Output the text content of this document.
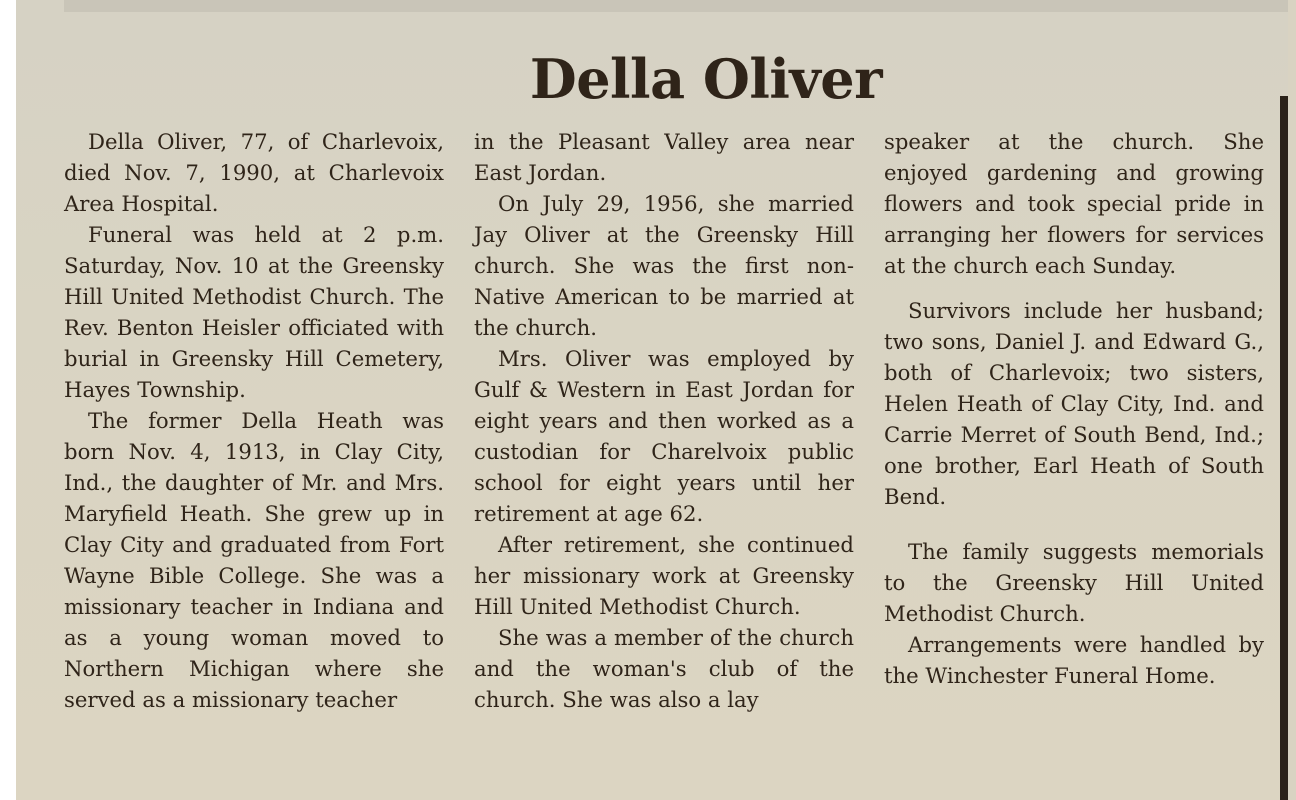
Della Oliver

Della Oliver, 77, of Charlevoix, died Nov. 7, 1990, at Charlevoix Area Hospital.

Funeral was held at 2 p.m. Saturday, Nov. 10 at the Greensky Hill United Methodist Church. The Rev. Benton Heisler officiated with burial in Greensky Hill Cemetery, Hayes Township.

The former Della Heath was born Nov. 4, 1913, in Clay City, Ind., the daughter of Mr. and Mrs. Maryfield Heath. She grew up in Clay City and graduated from Fort Wayne Bible College. She was a missionary teacher in Indiana and as a young woman moved to Northern Michigan where she served as a missionary teacher

in the Pleasant Valley area near East Jordan.

On July 29, 1956, she married Jay Oliver at the Greensky Hill church. She was the first non-Native American to be married at the church.

Mrs. Oliver was employed by Gulf & Western in East Jordan for eight years and then worked as a custodian for Charelvoix public school for eight years until her retirement at age 62.

After retirement, she continued her missionary work at Greensky Hill United Methodist Church.

She was a member of the church and the woman's club of the church. She was also a lay

speaker at the church. She enjoyed gardening and growing flowers and took special pride in arranging her flowers for services at the church each Sunday.

Survivors include her husband; two sons, Daniel J. and Edward G., both of Charlevoix; two sisters, Helen Heath of Clay City, Ind. and Carrie Merret of South Bend, Ind.; one brother, Earl Heath of South Bend.

The family suggests memorials to the Greensky Hill United Methodist Church.

Arrangements were handled by the Winchester Funeral Home.
